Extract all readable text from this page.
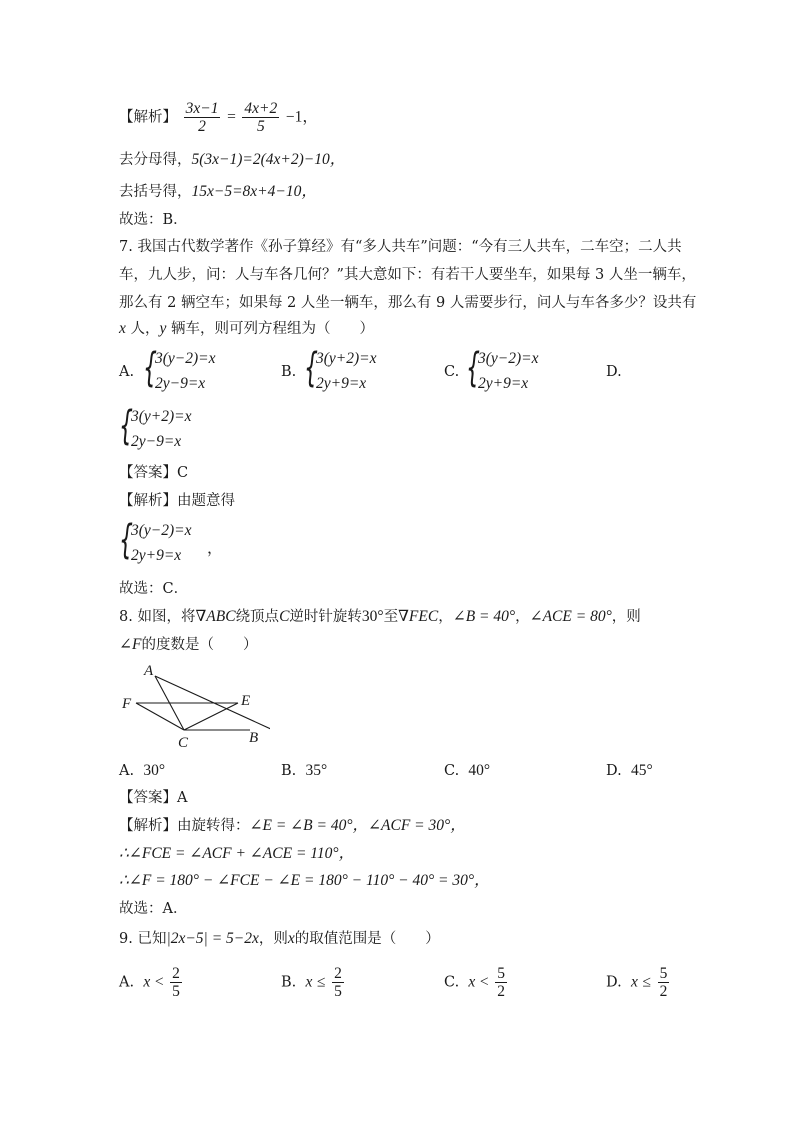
【解析】 $\frac{3x-1}{2} = \frac{4x+2}{5} -1$，
去分母得，5(3x−1)=2(4x+2)−10，
去括号得，15x−5=8x+4−10，
故选：B．
7. 我国古代数学著作《孙子算经》有“多人共车”问题：“今有三人共车，二车空；二人共
车，九人步，问：人与车各几何？”其大意如下：有若干人要坐车，如果每 3 人坐一辆车，
那么有 2 辆空车；如果每 2 人坐一辆车，那么有 9 人需要步行，问人与车各多少？设共有
x 人，y 辆车，则可列方程组为（　　）
A. {
3(y−2)=x
2y−9=x
B. {
3(y+2)=x
2y+9=x
C. {
3(y−2)=x
2y+9=x
D.
{
3(y+2)=x
2y−9=x
【答案】C
【解析】由题意得
{
3(y−2)=x
2y+9=x ，
故选：C．
8. 如图，将∇ABC绕顶点C逆时针旋转30°至∇FEC，∠B = 40°，∠ACE = 80°，则
∠F的度数是（　　）
A
F	E
C	B
A. 30°	B. 35°	C. 40°	D. 45°
【答案】A
【解析】由旋转得：∠E = ∠B = 40°，∠ACF = 30°，
∴∠FCE = ∠ACF + ∠ACE = 110°，
∴∠F = 180° − ∠FCE − ∠E = 180° − 110° − 40° = 30°，
故选：A．
9. 已知|2x−5| = 5−2x，则x的取值范围是（　　）
A. $x < \frac{2}{5}$	B. $x \le \frac{2}{5}$	C. $x < \frac{5}{2}$	D. $x \le \frac{5}{2}$
